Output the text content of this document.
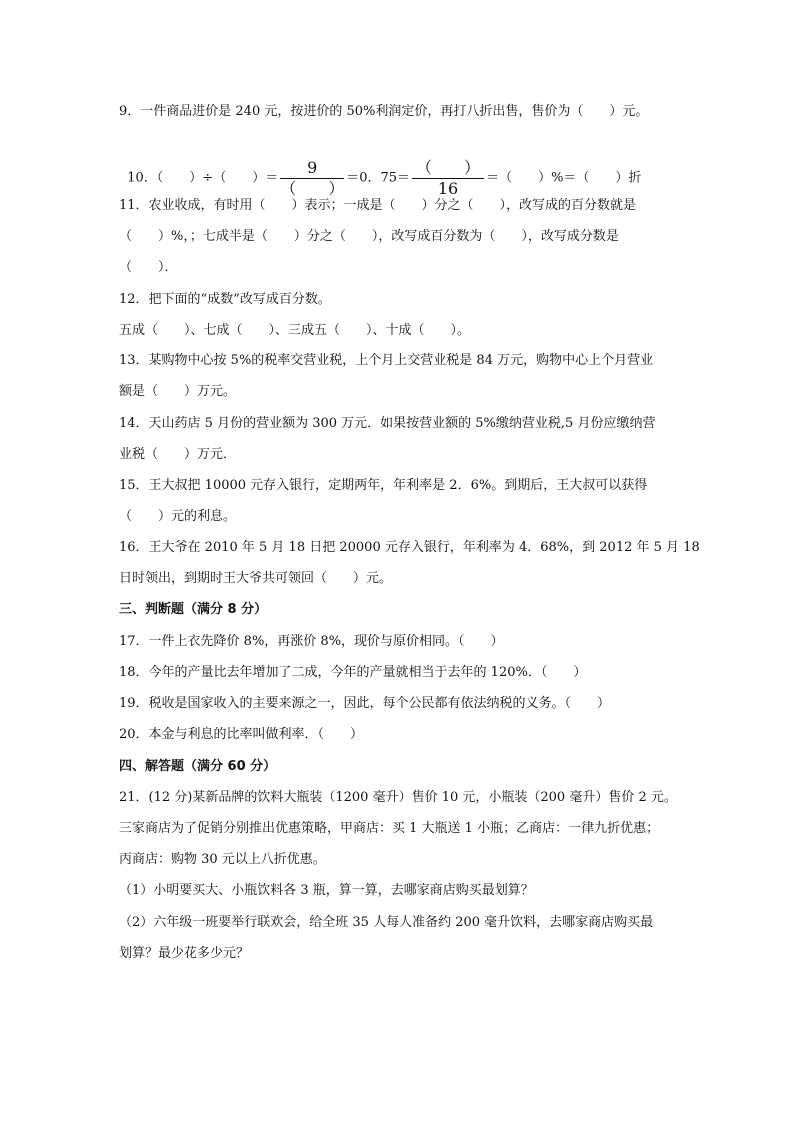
9．一件商品进价是 240 元，按进价的 50%利润定价，再打八折出售，售价为（　　）元。

10．（　　）÷（　　）＝ $\frac{9}{( )} =0$．$75= \frac{( )}{16}$ ＝（　　）%＝（　　）折

11．农业收成，有时用（　　）表示；一成是（　　）分之（　　），改写成的百分数就是
（　　）%，；七成半是（　　）分之（　　），改写成百分数为（　　），改写成分数是
（　　）．
12．把下面的“成数”改写成百分数。
五成（　　）、七成（　　）、三成五（　　）、十成（　　）。
13．某购物中心按 5%的税率交营业税，上个月上交营业税是 84 万元，购物中心上个月营业
额是（　　）万元。
14．天山药店 5 月份的营业额为 300 万元．如果按营业额的 5%缴纳营业税,5 月份应缴纳营
业税（　　）万元．
15．王大叔把 10000 元存入银行，定期两年，年利率是 2．6%。到期后，王大叔可以获得
（　　）元的利息。
16．王大爷在 2010 年 5 月 18 日把 20000 元存入银行，年利率为 4．68%，到 2012 年 5 月 18
日时领出，到期时王大爷共可领回（　　）元。
三、判断题（满分 8 分）
17．一件上衣先降价 8%，再涨价 8%，现价与原价相同。（　　）
18．今年的产量比去年增加了二成，今年的产量就相当于去年的 120%．（　　）
19．税收是国家收入的主要来源之一，因此，每个公民都有依法纳税的义务。（　　）
20．本金与利息的比率叫做利率．（　　）
四、解答题（满分 60 分）
21．(12 分)某新品牌的饮料大瓶装（1200 毫升）售价 10 元，小瓶装（200 毫升）售价 2 元。
三家商店为了促销分别推出优惠策略，甲商店：买 1 大瓶送 1 小瓶；乙商店：一律九折优惠；
丙商店：购物 30 元以上八折优惠。
（1）小明要买大、小瓶饮料各 3 瓶，算一算，去哪家商店购买最划算？
（2）六年级一班要举行联欢会，给全班 35 人每人准备约 200 毫升饮料，去哪家商店购买最
划算？最少花多少元？
